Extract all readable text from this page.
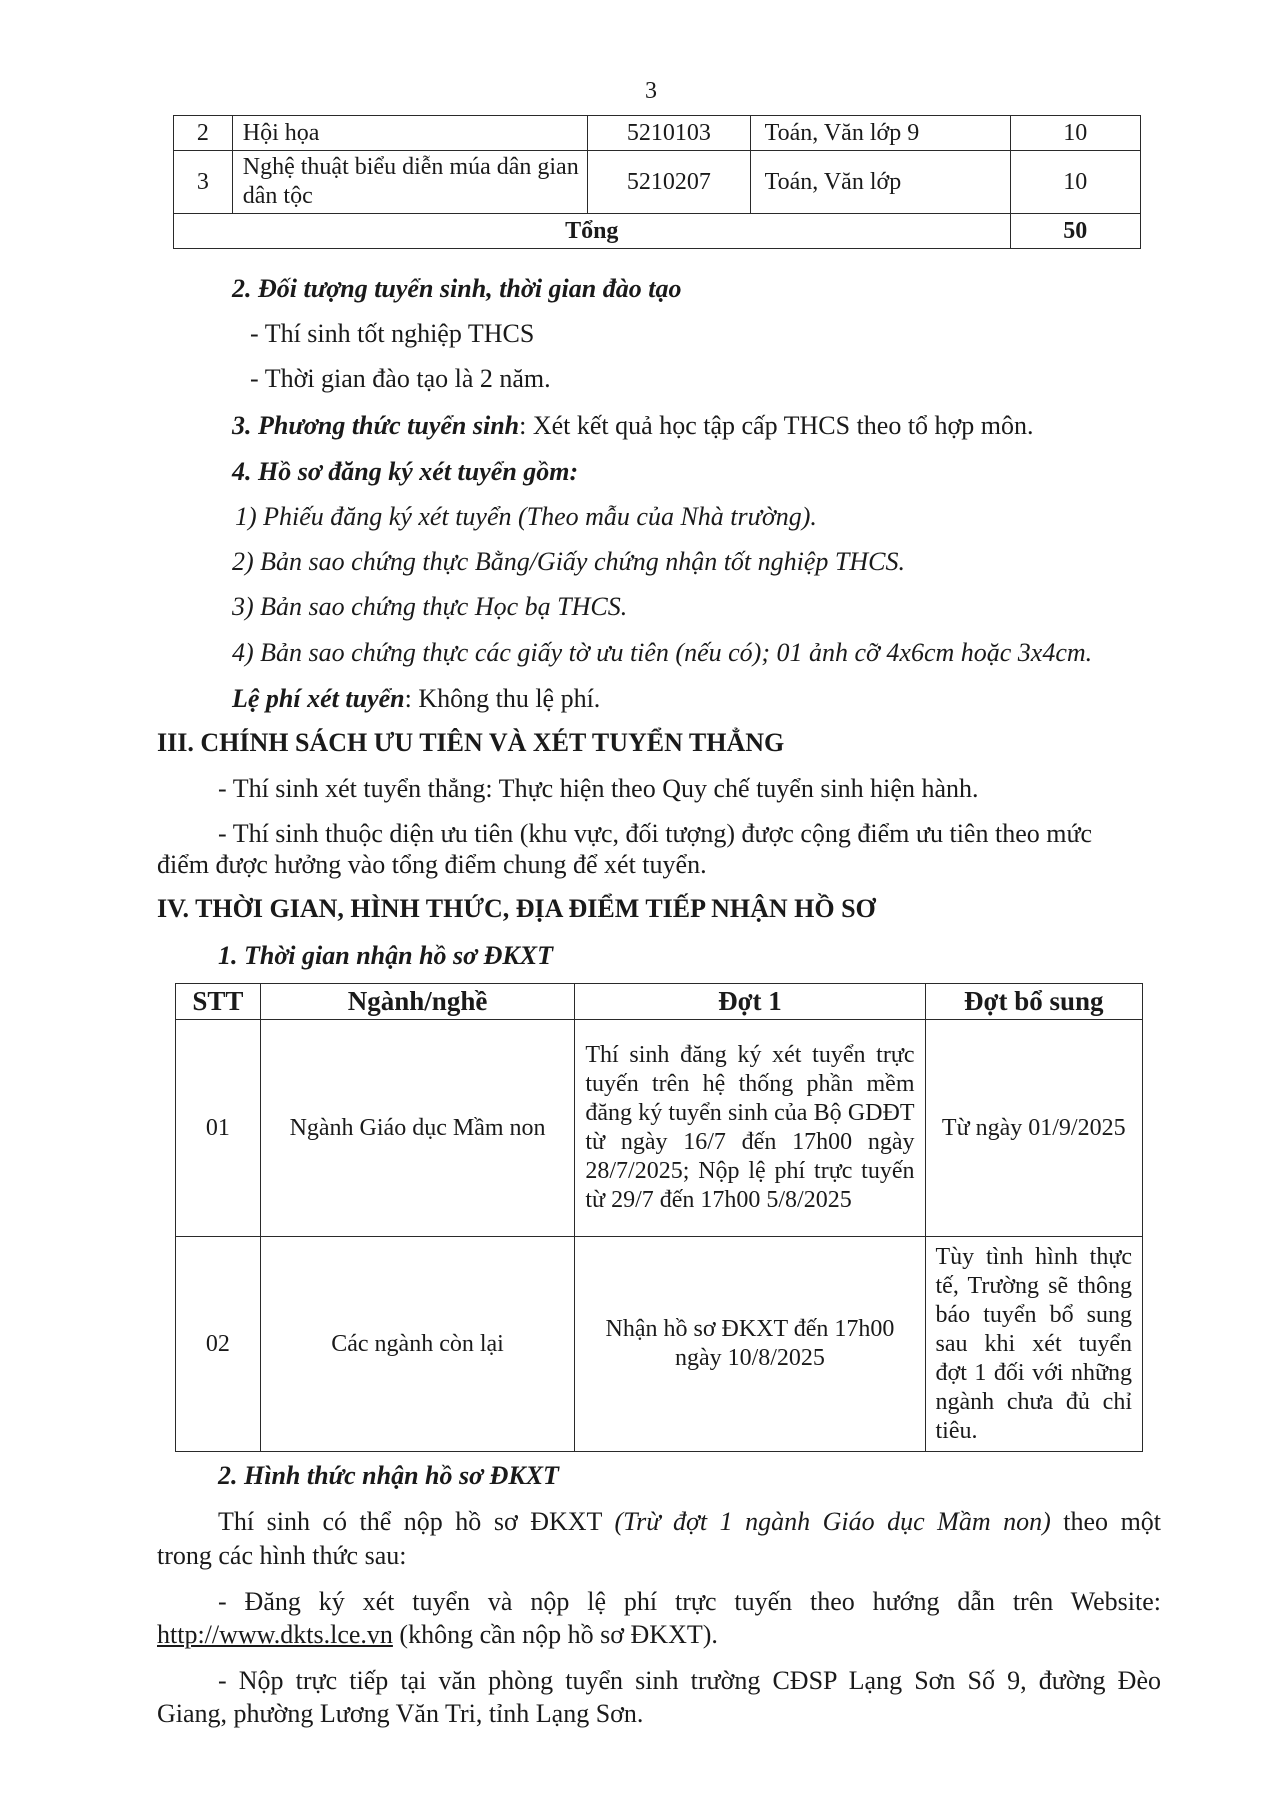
3
2	Hội họa	5210103	Toán, Văn lớp 9	10
3	Nghệ thuật biểu diễn múa dân gian dân tộc	5210207	Toán, Văn lớp	10
Tổng				50
2. Đối tượng tuyển sinh, thời gian đào tạo
- Thí sinh tốt nghiệp THCS
- Thời gian đào tạo là 2 năm.
3. Phương thức tuyển sinh: Xét kết quả học tập cấp THCS theo tổ hợp môn.
4. Hồ sơ đăng ký xét tuyển gồm:
1) Phiếu đăng ký xét tuyển (Theo mẫu của Nhà trường).
2) Bản sao chứng thực Bằng/Giấy chứng nhận tốt nghiệp THCS.
3) Bản sao chứng thực Học bạ THCS.
4) Bản sao chứng thực các giấy tờ ưu tiên (nếu có); 01 ảnh cỡ 4x6cm hoặc 3x4cm.
Lệ phí xét tuyển: Không thu lệ phí.
III. CHÍNH SÁCH ƯU TIÊN VÀ XÉT TUYỂN THẲNG
- Thí sinh xét tuyển thẳng: Thực hiện theo Quy chế tuyển sinh hiện hành.
- Thí sinh thuộc diện ưu tiên (khu vực, đối tượng) được cộng điểm ưu tiên theo mức
điểm được hưởng vào tổng điểm chung để xét tuyển.
IV. THỜI GIAN, HÌNH THỨC, ĐỊA ĐIỂM TIẾP NHẬN HỒ SƠ
1. Thời gian nhận hồ sơ ĐKXT
STT	Ngành/nghề	Đợt 1	Đợt bổ sung
01	Ngành Giáo dục Mầm non	Thí sinh đăng ký xét tuyển trực tuyến trên hệ thống phần mềm đăng ký tuyển sinh của Bộ GDĐT từ ngày 16/7 đến 17h00 ngày 28/7/2025; Nộp lệ phí trực tuyến từ 29/7 đến 17h00 5/8/2025	Từ ngày 01/9/2025
02	Các ngành còn lại	Nhận hồ sơ ĐKXT đến 17h00 ngày 10/8/2025	Tùy tình hình thực tế, Trường sẽ thông báo tuyển bổ sung sau khi xét tuyển đợt 1 đối với những ngành chưa đủ chỉ tiêu.
2. Hình thức nhận hồ sơ ĐKXT
Thí sinh có thể nộp hồ sơ ĐKXT (Trừ đợt 1 ngành Giáo dục Mầm non) theo một
trong các hình thức sau:
- Đăng ký xét tuyển và nộp lệ phí trực tuyến theo hướng dẫn trên Website:
http://www.dkts.lce.vn (không cần nộp hồ sơ ĐKXT).
- Nộp trực tiếp tại văn phòng tuyển sinh trường CĐSP Lạng Sơn Số 9, đường Đèo
Giang, phường Lương Văn Tri, tỉnh Lạng Sơn.
